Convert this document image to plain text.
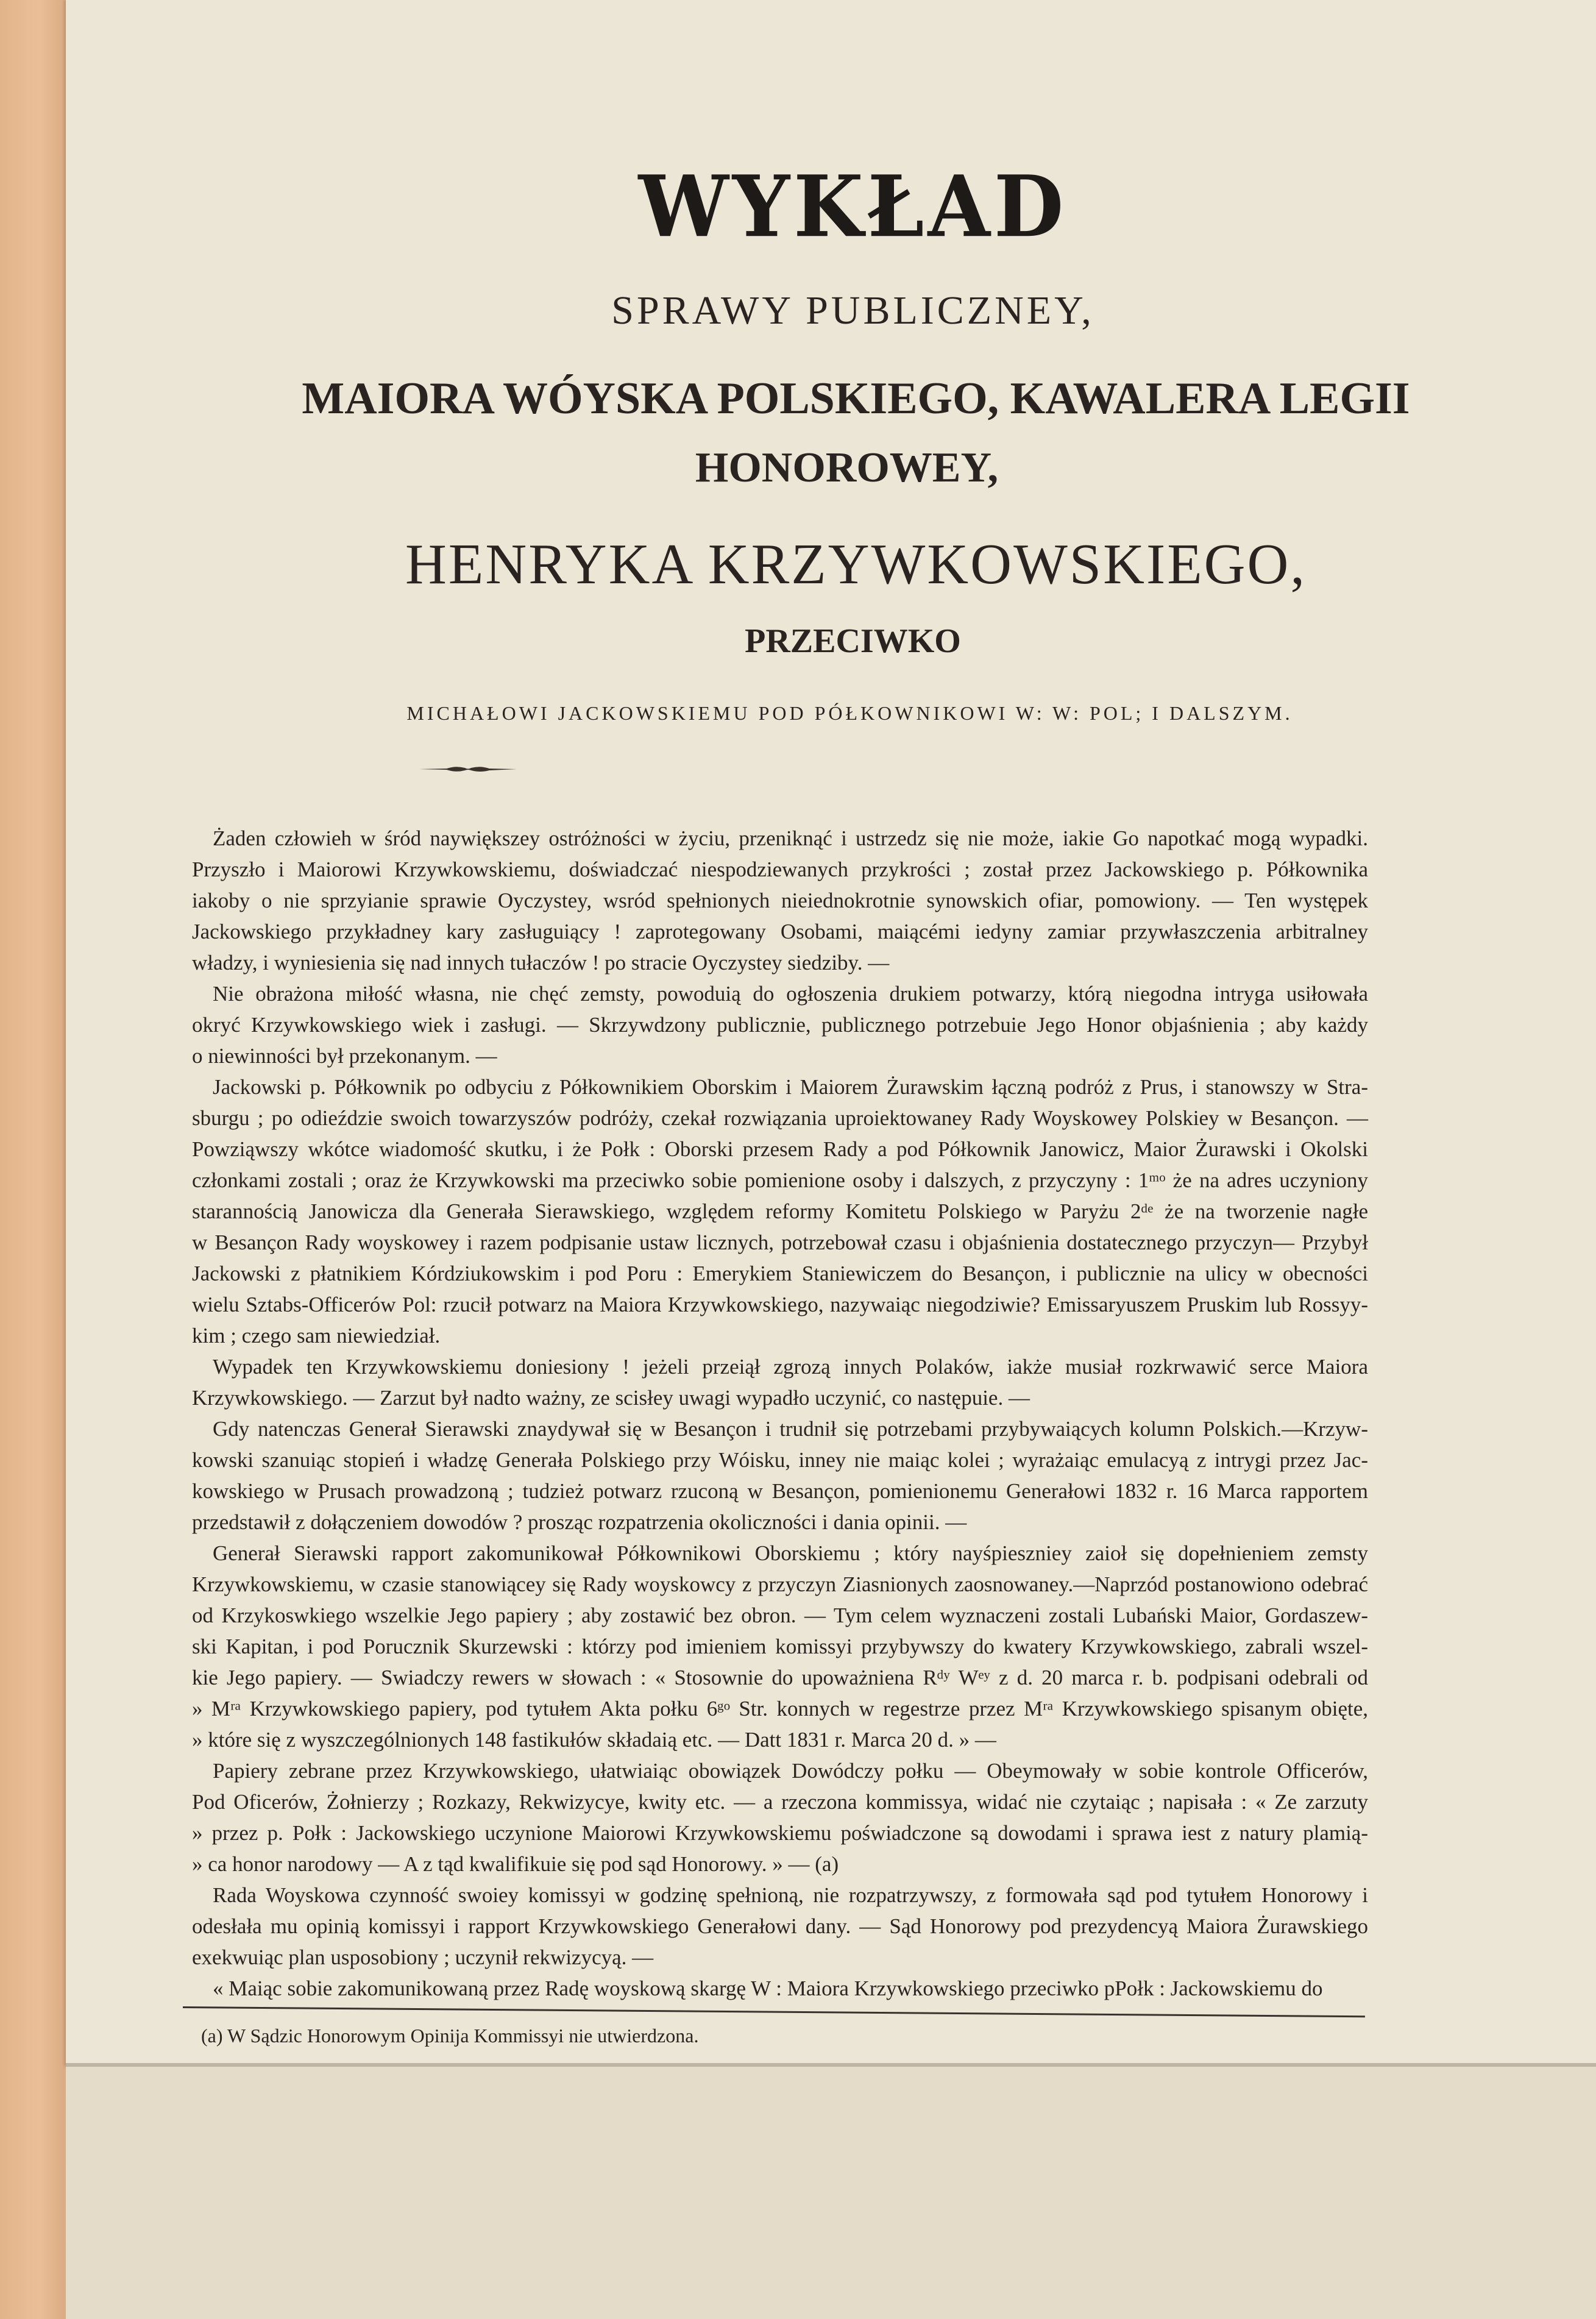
WYKŁAD
SPRAWY PUBLICZNEY,
MAIORA WÓYSKA POLSKIEGO, KAWALERA LEGII
HONOROWEY,
HENRYKA KRZYWKOWSKIEGO,
PRZECIWKO
MICHAŁOWI JACKOWSKIEMU POD PÓŁKOWNIKOWI W: W: POL; I DALSZYM.
Żaden człowieh w śród naywiększey ostróżności w życiu, przeniknąć i ustrzedz się nie może, iakie Go napotkać mogą wypadki.
Przyszło i Maiorowi Krzywkowskiemu, doświadczać niespodziewanych przykrości ; został przez Jackowskiego p. Półkownika
iakoby o nie sprzyianie sprawie Oyczystey, wsród spełnionych nieiednokrotnie synowskich ofiar, pomowiony. — Ten występek
Jackowskiego przykładney kary zasługuiący ! zaprotegowany Osobami, maiącémi iedyny zamiar przywłaszczenia arbitralney
władzy, i wyniesienia się nad innych tułaczów ! po stracie Oyczystey siedziby. —
Nie obrażona miłość własna, nie chęć zemsty, powoduią do ogłoszenia drukiem potwarzy, którą niegodna intryga usiłowała
okryć Krzywkowskiego wiek i zasługi. — Skrzywdzony publicznie, publicznego potrzebuie Jego Honor objaśnienia ; aby każdy
o niewinności był przekonanym. —
Jackowski p. Półkownik po odbyciu z Półkownikiem Oborskim i Maiorem Żurawskim łączną podróż z Prus, i stanowszy w Stra-
sburgu ; po odieździe swoich towarzyszów podróży, czekał rozwiązania uproiektowaney Rady Woyskowey Polskiey w Besançon. —
Powziąwszy wkótce wiadomość skutku, i że Połk : Oborski przesem Rady a pod Półkownik Janowicz, Maior Żurawski i Okolski
członkami zostali ; oraz że Krzywkowski ma przeciwko sobie pomienione osoby i dalszych, z przyczyny : 1ᵐᵒ że na adres uczyniony
starannością Janowicza dla Generała Sierawskiego, względem reformy Komitetu Polskiego w Paryżu 2ᵈᵉ że na tworzenie nagłe
w Besançon Rady woyskowey i razem podpisanie ustaw licznych, potrzebował czasu i objaśnienia dostatecznego przyczyn— Przybył
Jackowski z płatnikiem Kórdziukowskim i pod Poru : Emerykiem Staniewiczem do Besançon, i publicznie na ulicy w obecności
wielu Sztabs-Officerów Pol: rzucił potwarz na Maiora Krzywkowskiego, nazywaiąc niegodziwie? Emissaryuszem Pruskim lub Rossyy-
kim ; czego sam niewiedział.
Wypadek ten Krzywkowskiemu doniesiony ! jeżeli przeiął zgrozą innych Polaków, iakże musiał rozkrwawić serce Maiora
Krzywkowskiego. — Zarzut był nadto ważny, ze scisłey uwagi wypadło uczynić, co następuie. —
Gdy natenczas Generał Sierawski znaydywał się w Besançon i trudnił się potrzebami przybywaiących kolumn Polskich.—Krzyw-
kowski szanuiąc stopień i władzę Generała Polskiego przy Wóisku, inney nie maiąc kolei ; wyrażaiąc emulacyą z intrygi przez Jac-
kowskiego w Prusach prowadzoną ; tudzież potwarz rzuconą w Besançon, pomienionemu Generałowi 1832 r. 16 Marca rapportem
przedstawił z dołączeniem dowodów ? prosząc rozpatrzenia okoliczności i dania opinii. —
Generał Sierawski rapport zakomunikował Półkownikowi Oborskiemu ; który nayśpieszniey zaioł się dopełnieniem zemsty
Krzywkowskiemu, w czasie stanowiącey się Rady woyskowcy z przyczyn Ziasnionych zaosnowaney.—Naprzód postanowiono odebrać
od Krzykoswkiego wszelkie Jego papiery ; aby zostawić bez obron. — Tym celem wyznaczeni zostali Lubański Maior, Gordaszew-
ski Kapitan, i pod Porucznik Skurzewski : którzy pod imieniem komissyi przybywszy do kwatery Krzywkowskiego, zabrali wszel-
kie Jego papiery. — Swiadczy rewers w słowach : « Stosownie do upoważniena Rᵈʸ Wᵉʸ z d. 20 marca r. b. podpisani odebrali od
» Mʳᵃ Krzywkowskiego papiery, pod tytułem Akta połku 6ᵍᵒ Str. konnych w regestrze przez Mʳᵃ Krzywkowskiego spisanym obięte,
» które się z wyszczególnionych 148 fastikułów składaią etc. — Datt 1831 r. Marca 20 d. » —
Papiery zebrane przez Krzywkowskiego, ułatwiaiąc obowiązek Dowódczy połku — Obeymowały w sobie kontrole Officerów,
Pod Oficerów, Żołnierzy ; Rozkazy, Rekwizycye, kwity etc. — a rzeczona kommissya, widać nie czytaiąc ; napisała : « Ze zarzuty
» przez p. Połk : Jackowskiego uczynione Maiorowi Krzywkowskiemu poświadczone są dowodami i sprawa iest z natury plamią-
» ca honor narodowy — A z tąd kwalifikuie się pod sąd Honorowy. » — (a)
Rada Woyskowa czynność swoiey komissyi w godzinę spełnioną, nie rozpatrzywszy, z formowała sąd pod tytułem Honorowy i
odesłała mu opinią komissyi i rapport Krzywkowskiego Generałowi dany. — Sąd Honorowy pod prezydencyą Maiora Żurawskiego
exekwuiąc plan usposobiony ; uczynił rekwizycyą. —
« Maiąc sobie zakomunikowaną przez Radę woyskową skargę W : Maiora Krzywkowskiego przeciwko pPołk : Jackowskiemu do
(a) W Sądzic Honorowym Opinija Kommissyi nie utwierdzona.
